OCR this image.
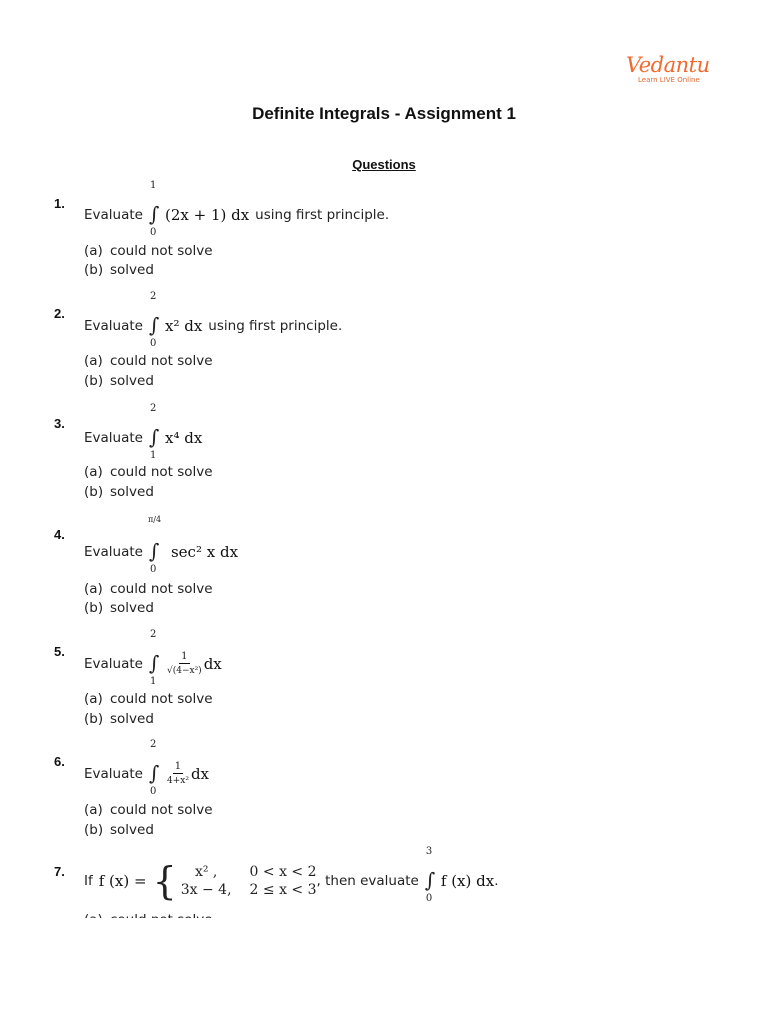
Vedantu
Learn LIVE Online
Definite Integrals - Assignment 1
Questions
1.
Evaluate
1
∫
0
(2x + 1) dx using first principle.
(a) could not solve
(b) solved
2.
Evaluate
2
∫
0
x² dx using first principle.
(a) could not solve
(b) solved
3.
Evaluate
2
∫
1
x⁴ dx
(a) could not solve
(b) solved
4.
Evaluate
π/4
∫
0
sec² x dx
(a) could not solve
(b) solved
5.
Evaluate
2
∫
1
$\frac{1}{\text{√(4−x²)}}$ dx
(a) could not solve
(b) solved
6.
Evaluate
2
∫
0
$\frac{1}{\text{4+x²}}$ dx
(a) could not solve
(b) solved
7.
If f (x) = {	x² ,	0 < x < 2
3x − 4, 2 ≤ x < 3
, then evaluate
3
∫
0
f (x) dx .
